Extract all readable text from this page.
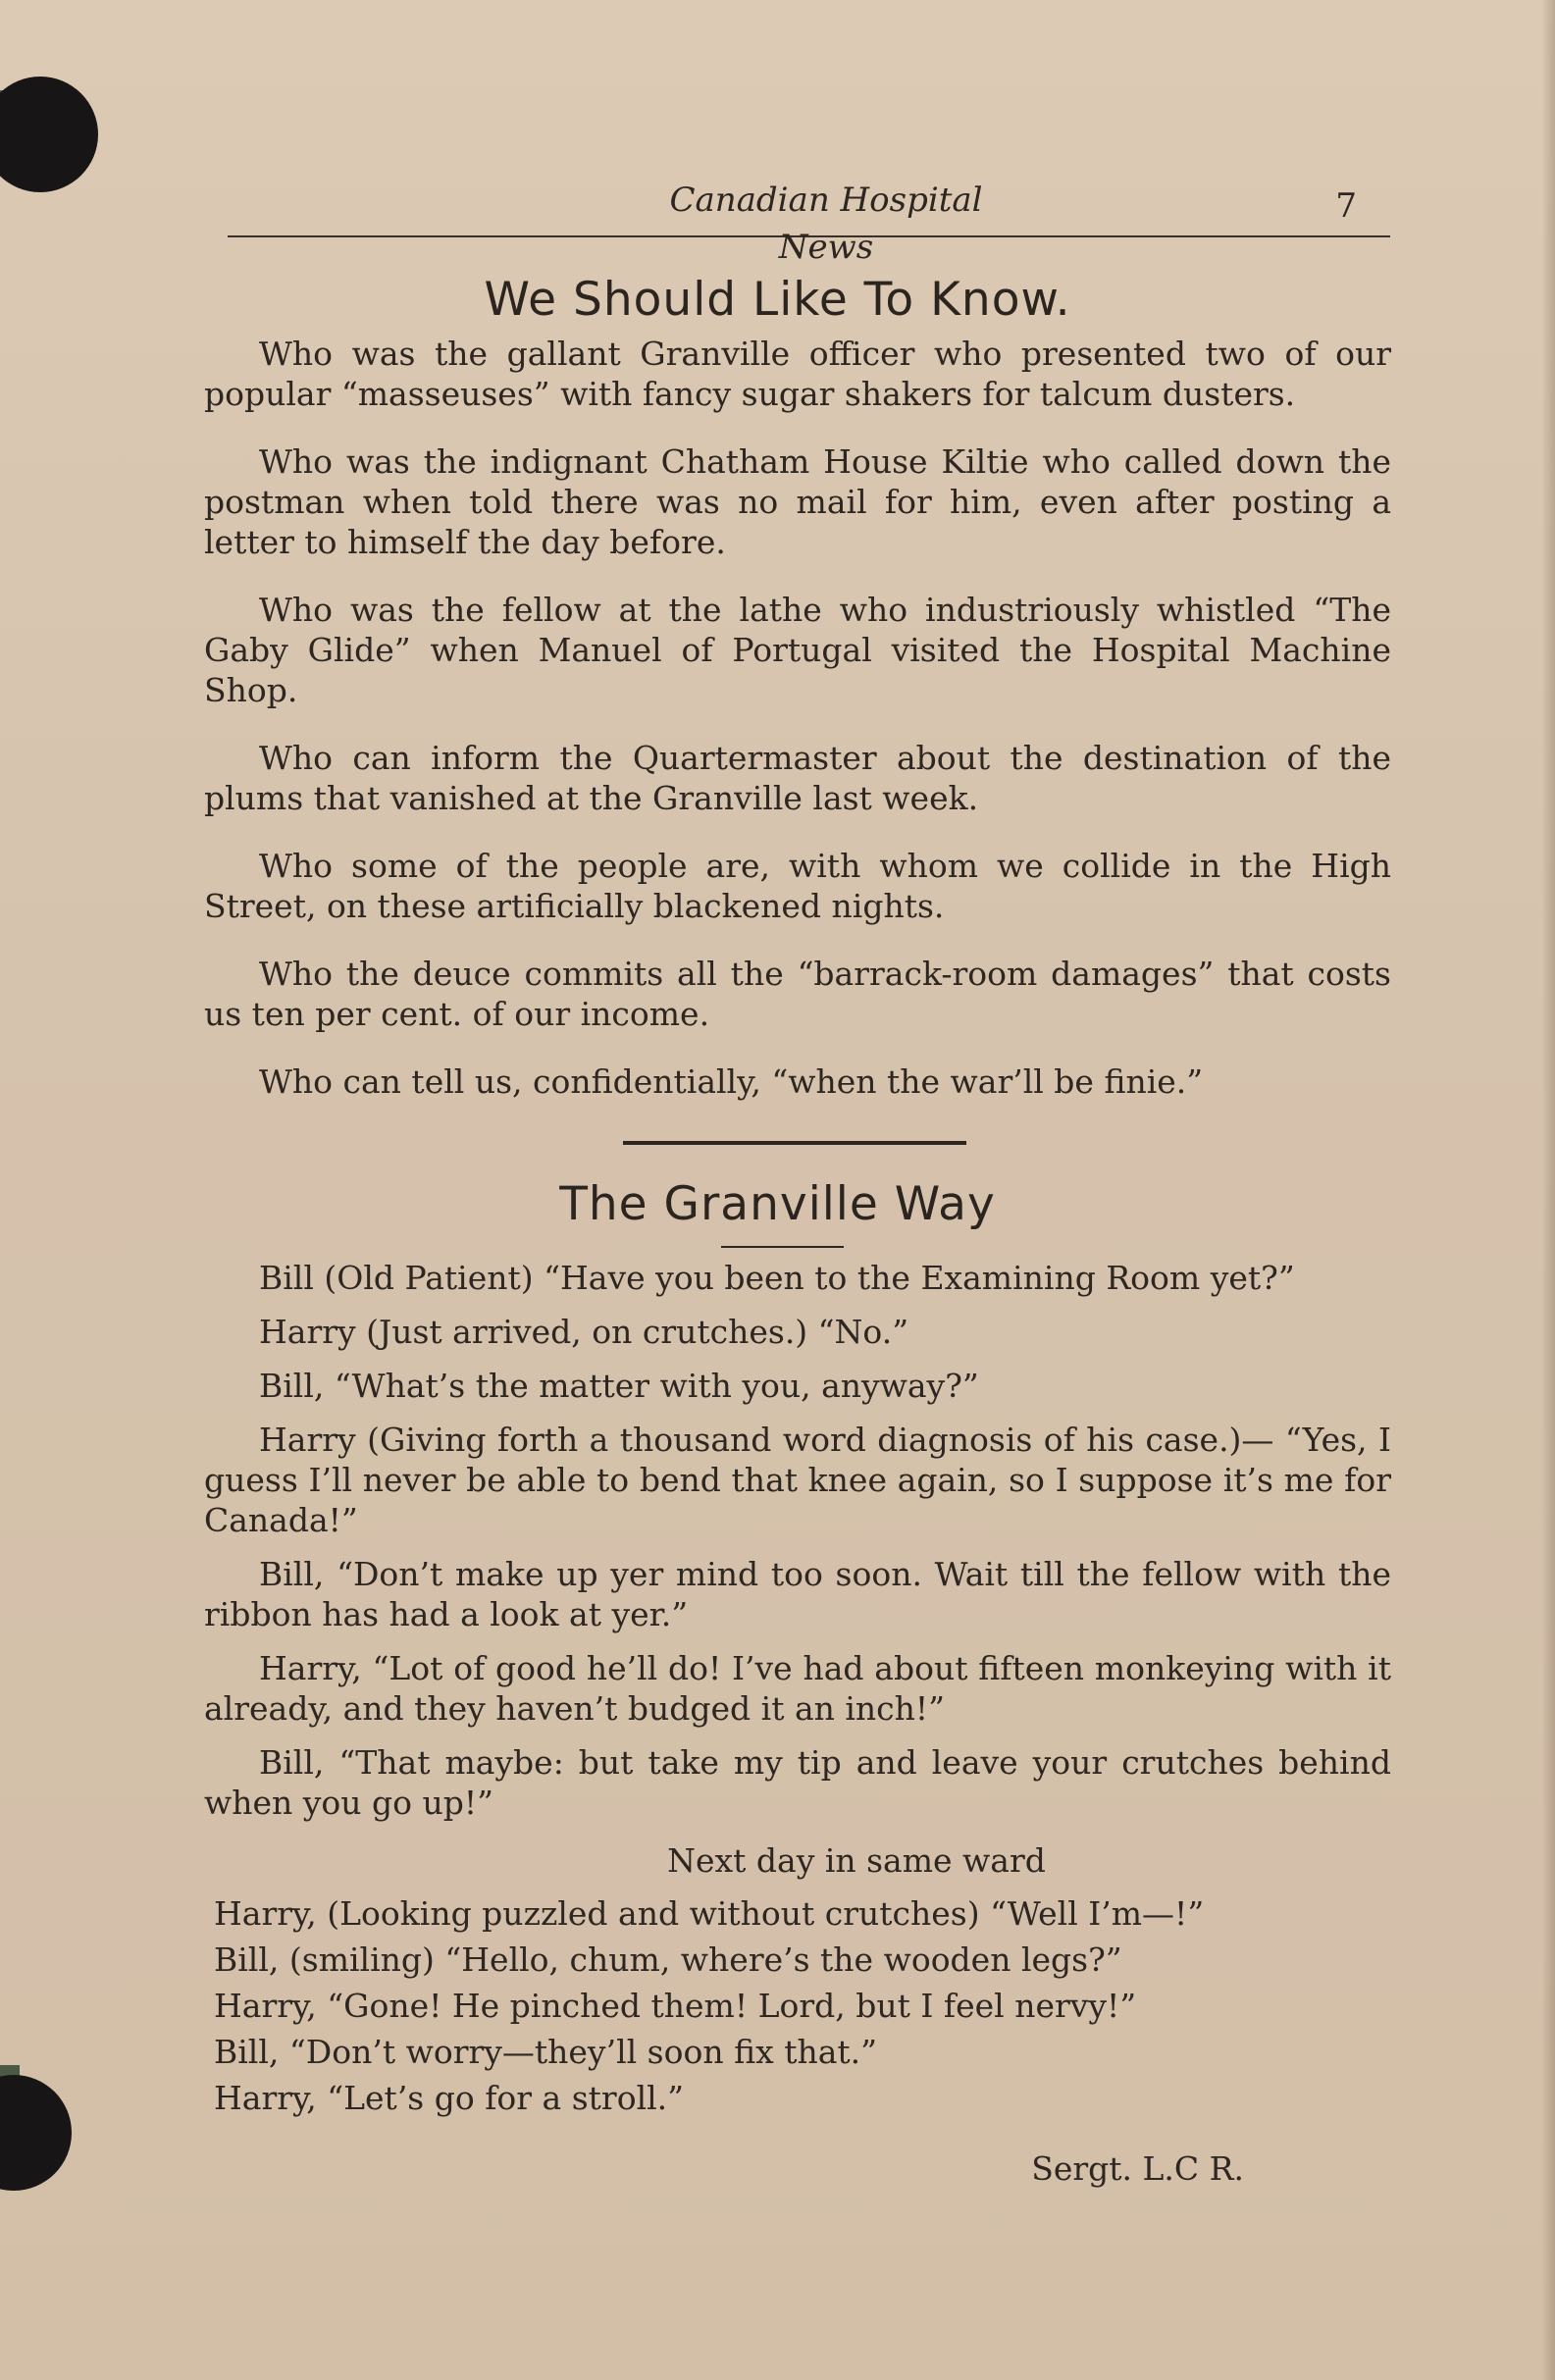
Canadian Hospital News
7
We Should Like To Know.

Who was the gallant Granville officer who presented two of our popular “masseuses” with fancy sugar shakers for talcum dusters.

Who was the indignant Chatham House Kiltie who called down the postman when told there was no mail for him, even after posting a letter to himself the day before.

Who was the fellow at the lathe who industriously whistled “The Gaby Glide” when Manuel of Portugal visited the Hospital Machine Shop.

Who can inform the Quartermaster about the destination of the plums that vanished at the Granville last week.

Who some of the people are, with whom we collide in the High Street, on these artificially blackened nights.

Who the deuce commits all the “barrack-room damages” that costs us ten per cent. of our income.

Who can tell us, confidentially, “when the war’ll be finie.”

The Granville Way

Bill (Old Patient) “Have you been to the Examining Room yet?”

Harry (Just arrived, on crutches.) “No.”

Bill, “What’s the matter with you, anyway?”

Harry (Giving forth a thousand word diagnosis of his case.)— “Yes, I guess I’ll never be able to bend that knee again, so I suppose it’s me for Canada!”

Bill, “Don’t make up yer mind too soon. Wait till the fellow with the ribbon has had a look at yer.”

Harry, “Lot of good he’ll do! I’ve had about fifteen monkeying with it already, and they haven’t budged it an inch!”

Bill, “That maybe: but take my tip and leave your crutches behind when you go up!”

Next day in same ward

Harry, (Looking puzzled and without crutches) “Well I’m—!”

Bill, (smiling) “Hello, chum, where’s the wooden legs?”

Harry, “Gone! He pinched them! Lord, but I feel nervy!”

Bill, “Don’t worry—they’ll soon fix that.”

Harry, “Let’s go for a stroll.”

Sergt. L.C R.
